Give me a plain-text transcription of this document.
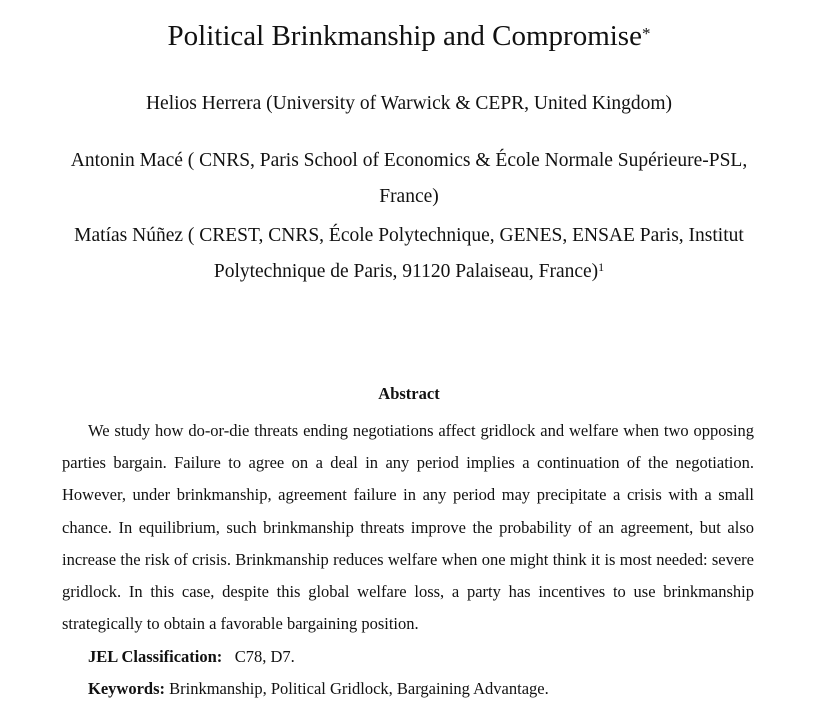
Political Brinkmanship and Compromise*
Helios Herrera (University of Warwick & CEPR, United Kingdom)
Antonin Macé ( CNRS, Paris School of Economics & École Normale Supérieure-PSL,
France)
Matías Núñez ( CREST, CNRS, École Polytechnique, GENES, ENSAE Paris, Institut
Polytechnique de Paris, 91120 Palaiseau, France)$^1$
Abstract

We study how do-or-die threats ending negotiations affect gridlock and welfare when two opposing parties bargain. Failure to agree on a deal in any period implies a continuation of the negotiation. However, under brinkmanship, agreement failure in any period may precipitate a crisis with a small chance. In equilibrium, such brinkmanship threats improve the probability of an agreement, but also increase the risk of crisis. Brinkmanship reduces welfare when one might think it is most needed: severe gridlock. In this case, despite this global welfare loss, a party has incentives to use brinkmanship strategically to obtain a favorable bargaining position.

JEL Classification: C78, D7.
Keywords: Brinkmanship, Political Gridlock, Bargaining Advantage.
